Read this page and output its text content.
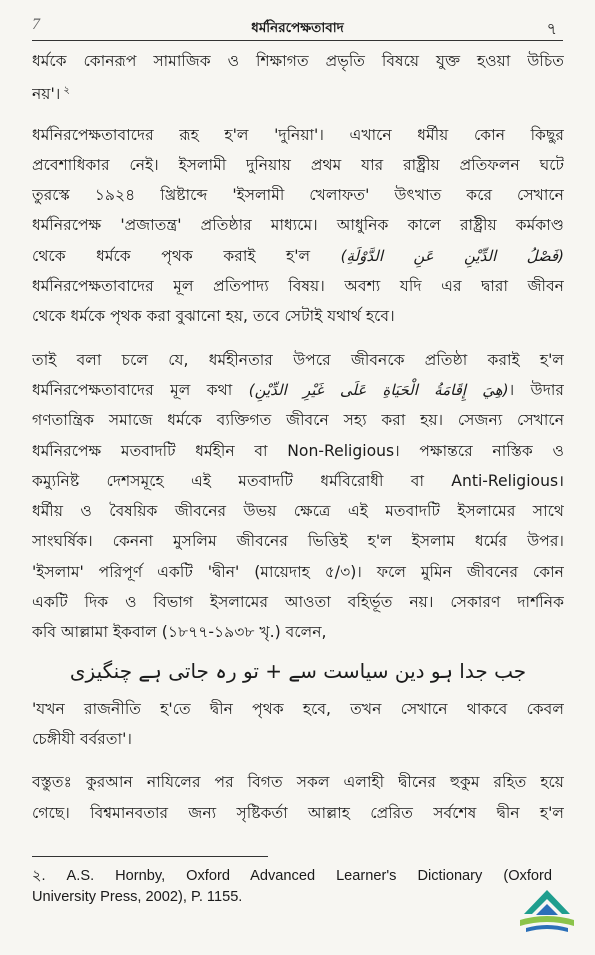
7	ধর্মনিরপেক্ষতাবাদ	৭
ধর্মকে কোনরূপ সামাজিক ও শিক্ষাগত প্রভৃতি বিষয়ে যুক্ত হওয়া উচিত
নয়'। $^২$
ধর্মনিরপেক্ষতাবাদের রূহ হ'ল 'দুনিয়া'। এখানে ধর্মীয় কোন কিছুর
প্রবেশাধিকার নেই। ইসলামী দুনিয়ায় প্রথম যার রাষ্ট্রীয় প্রতিফলন ঘটে
তুরস্কে ১৯২৪ খ্রিষ্টাব্দে 'ইসলামী খেলাফত' উৎখাত করে সেখানে
ধর্মনিরপেক্ষ 'প্রজাতন্ত্র' প্রতিষ্ঠার মাধ্যমে। আধুনিক কালে রাষ্ট্রীয় কর্মকাণ্ড
থেকে ধর্মকে পৃথক করাই হ'ল (فَصْلُ الدِّيْنِ عَنِ الدَّوْلَةِ)
ধর্মনিরপেক্ষতাবাদের মূল প্রতিপাদ্য বিষয়। অবশ্য যদি এর দ্বারা জীবন
থেকে ধর্মকে পৃথক করা বুঝানো হয়, তবে সেটাই যথার্থ হবে।
তাই বলা চলে যে, ধর্মহীনতার উপরে জীবনকে প্রতিষ্ঠা করাই হ'ল
ধর্মনিরপেক্ষতাবাদের মূল কথা (هِيَ إِقَامَةُ الْحَيَاةِ عَلَى غَيْرِ الدِّيْنِ)। উদার
গণতান্ত্রিক সমাজে ধর্মকে ব্যক্তিগত জীবনে সহ্য করা হয়। সেজন্য সেখানে
ধর্মনিরপেক্ষ মতবাদটি ধর্মহীন বা Non-Religious। পক্ষান্তরে নাস্তিক ও
কম্যুনিষ্ট দেশসমূহে এই মতবাদটি ধর্মবিরোধী বা Anti-Religious।
ধর্মীয় ও বৈষয়িক জীবনের উভয় ক্ষেত্রে এই মতবাদটি ইসলামের সাথে
সাংঘর্ষিক। কেননা মুসলিম জীবনের ভিত্তিই হ'ল ইসলাম ধর্মের উপর।
'ইসলাম' পরিপূর্ণ একটি 'দ্বীন' (মায়েদাহ ৫/৩)। ফলে মুমিন জীবনের কোন
একটি দিক ও বিভাগ ইসলামের আওতা বহির্ভূত নয়। সেকারণ দার্শনিক
কবি আল্লামা ইকবাল (১৮৭৭-১৯৩৮ খৃ.) বলেন,
جب جدا ہو دین سیاست سے + تو رہ جاتی ہے چنگیزی
'যখন রাজনীতি হ'তে দ্বীন পৃথক হবে, তখন সেখানে থাকবে কেবল
চেঙ্গীযী বর্বরতা'।
বস্তুতঃ কুরআন নাযিলের পর বিগত সকল এলাহী দ্বীনের হুকুম রহিত হয়ে
গেছে। বিশ্বমানবতার জন্য সৃষ্টিকর্তা আল্লাহ প্রেরিত সর্বশেষ দ্বীন হ'ল
২. A.S. Hornby, Oxford Advanced Learner's Dictionary (Oxford
University Press, 2002), P. 1155.
